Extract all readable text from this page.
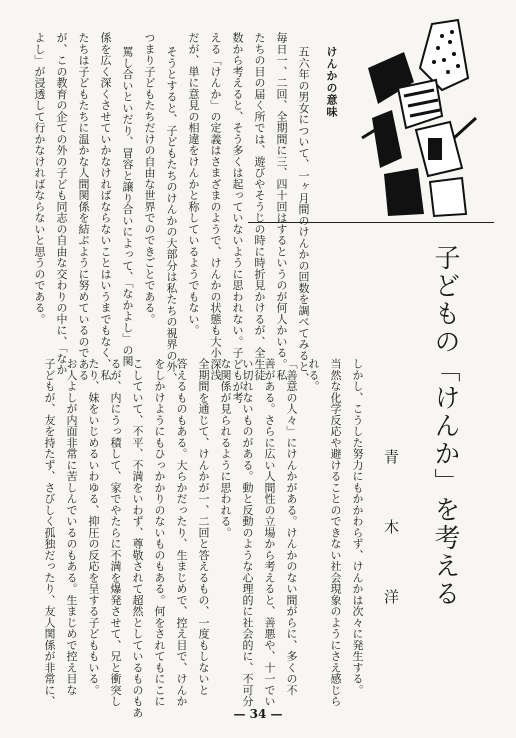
けんかの意味
五六年の男女について、一ヶ月間のけんかの回数を調べてみると、
毎日一、二回、全期間に三、四十回はするというのが何人かいる。私
たちの目の届く所では、遊びやそうじの時に時折見かけるが、全生徒
数から考えると、そう多くは起っていないように思われない。子どもが考
える「けんか」の定義はさまざまのようで、けんかの状態も大小深浅
だが、単に意見の相違をけんかと称しているようでもない。
そうとすると、子どもたちのけんかの大部分は私たちの視界の外、
つまり子どもたちだけの自由な世界でのできごとである。
罵し合いといだり、冒容と譲り合いによって、「なかよし」の関
係を広く深くさせていかなければならないことはいうまでもなく、私
たちは子どもたちに温かな人間関係を結ぶように努めているのである
が、この教育の企ての外の子ども同志の自由な交わりの中に、「なか
よし」が浸透して行かなければならないと思うのである。
子どもの「けんか」を考える
青
木
洋
しかし、こうした努力にもかかわらず、けんかは次々に発生する。
当然な化学反応や避けることのできない社会現象のようにさえ感じら
れる。
「善意の人々」にけんかがある。けんかのない間がらに、多くの不
善がある。さらに広い人間性の立場から考えると、善悪や、十一でい
い切れないものがある。動と反動のような心理的に社会的に、不可分
な関係が見られるように思われる。
全期間を通じて、けんかが一、二回と答えるもの、一度もしないと
答えるものもある。大らかだったり、生まじめで、控え目で、けんか
をしかけようにもひっかかりのないものもある。何をされてもにこに
こしていて、不平、不満をいわず、尊敬されて超然としているものもあ
るが、内にうっ積して、家でやたらに不満を爆発させて、兄と衝突し
たり、妹をいじめるいわゆる、抑圧の反応を呈する子どももいる。
お人よしが内面非常に苦しんでいるのもある。生まじめで控え目な
子どもが、友を持たず、さびしく孤独だったり、友人関係が非常に、
— 34 —
